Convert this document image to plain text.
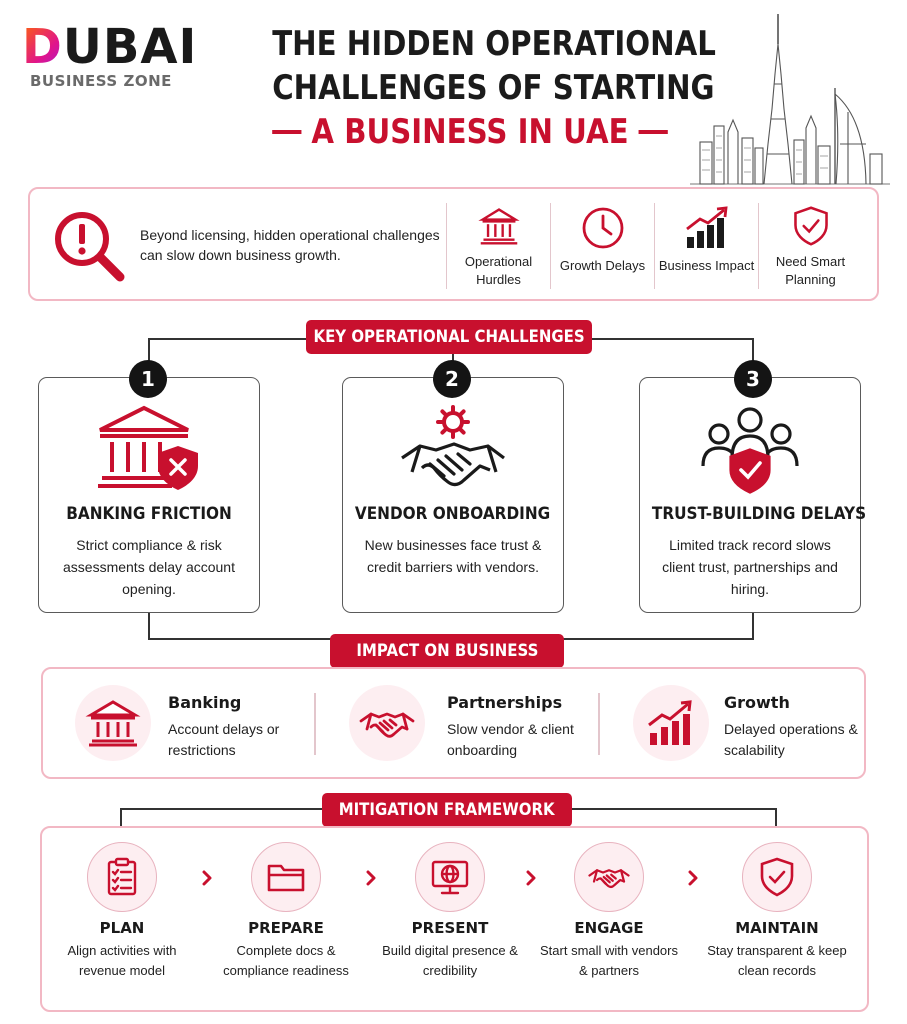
DUBAI
BUSINESS ZONE
THE HIDDEN OPERATIONAL
CHALLENGES OF STARTING
A BUSINESS IN UAE
Beyond licensing, hidden operational challenges can slow down business growth.	Operational Hurdles
Growth Delays	Business Impact	Need Smart Planning
KEY OPERATIONAL CHALLENGES
BANKING FRICTION
Strict compliance & risk assessments delay account opening.
1
VENDOR ONBOARDING
New businesses face trust & credit barriers with vendors.
2
TRUST-BUILDING DELAYS
Limited track record slows client trust, partnerships and hiring.
3
IMPACT ON BUSINESS
Banking
Account delays or restrictions
Partnerships
Slow vendor & client onboarding
Growth
Delayed operations & scalability
MITIGATION FRAMEWORK
PLAN
Align activities with revenue model
PREPARE
Complete docs & compliance readiness
PRESENT
Build digital presence & credibility
ENGAGE
Start small with vendors & partners
MAINTAIN
Stay transparent & keep clean records
